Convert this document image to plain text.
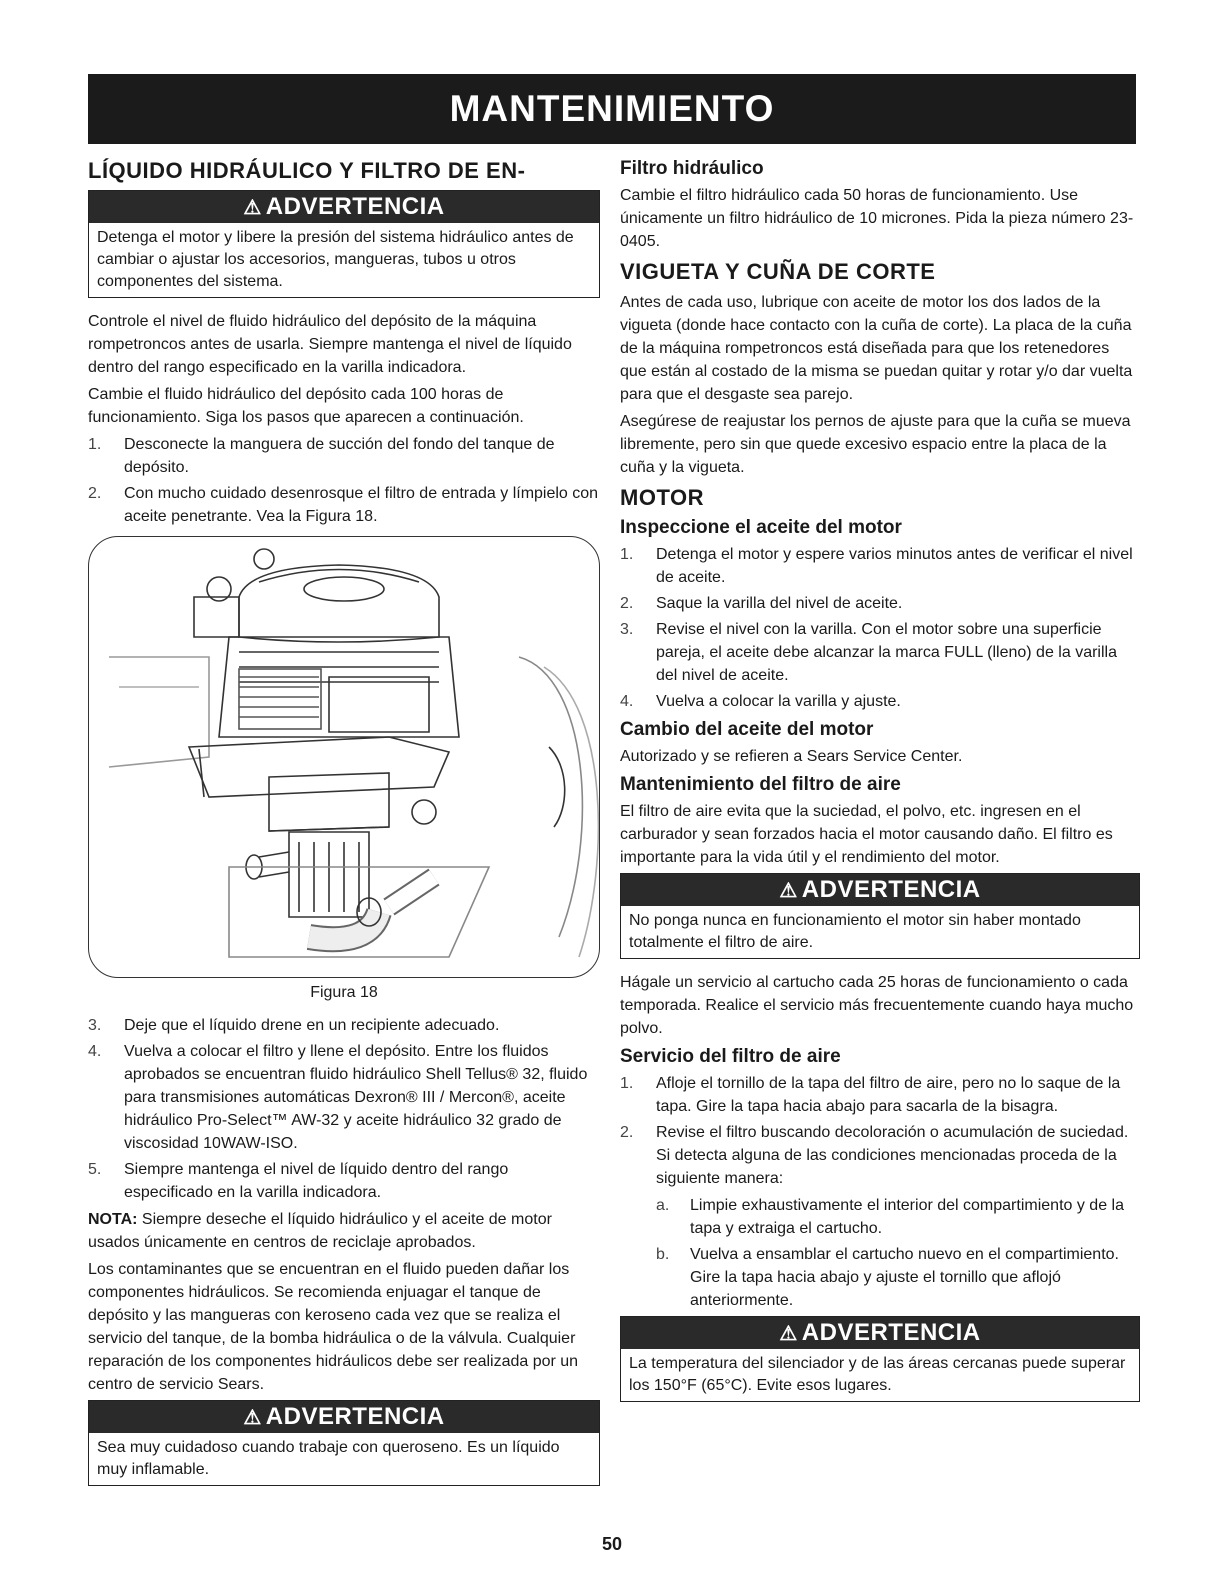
MANTENIMIENTO
LÍQUIDO HIDRÁULICO Y FILTRO DE EN-
⚠ ADVERTENCIA
Detenga el motor y libere la presión del sistema hidráulico antes de cambiar o ajustar los accesorios, mangueras, tubos u otros componentes del sistema.

Controle el nivel de fluido hidráulico del depósito de la máquina rompetroncos antes de usarla. Siempre mantenga el nivel de líquido dentro del rango especificado en la varilla indicadora.

Cambie el fluido hidráulico del depósito cada 100 horas de funcionamiento. Siga los pasos que aparecen a continuación.

1.	Desconecte la manguera de succión del fondo del tanque de depósito.
2.	Con mucho cuidado desenrosque el filtro de entrada y límpielo con aceite penetrante. Vea la Figura 18.
Figura 18
3.	Deje que el líquido drene en un recipiente adecuado.
4.	Vuelva a colocar el filtro y llene el depósito. Entre los fluidos aprobados se encuentran fluido hidráulico Shell Tellus® 32, fluido para transmisiones automáticas Dexron® III / Mercon®, aceite hidráulico Pro-Select™ AW-32 y aceite hidráulico 32 grado de viscosidad 10WAW-ISO.
5.	Siempre mantenga el nivel de líquido dentro del rango especificado en la varilla indicadora.

NOTA: Siempre deseche el líquido hidráulico y el aceite de motor usados únicamente en centros de reciclaje aprobados.

Los contaminantes que se encuentran en el fluido pueden dañar los componentes hidráulicos. Se recomienda enjuagar el tanque de depósito y las mangueras con keroseno cada vez que se realiza el servicio del tanque, de la bomba hidráulica o de la válvula. Cualquier reparación de los componentes hidráulicos debe ser realizada por un centro de servicio Sears.

⚠ ADVERTENCIA
Sea muy cuidadoso cuando trabaje con queroseno. Es un líquido muy inflamable.
Filtro hidráulico

Cambie el filtro hidráulico cada 50 horas de funcionamiento. Use únicamente un filtro hidráulico de 10 micrones. Pida la pieza número 23-0405.

VIGUETA Y CUÑA DE CORTE

Antes de cada uso, lubrique con aceite de motor los dos lados de la vigueta (donde hace contacto con la cuña de corte). La placa de la cuña de la máquina rompetroncos está diseñada para que los retenedores que están al costado de la misma se puedan quitar y rotar y/o dar vuelta para que el desgaste sea parejo.

Asegúrese de reajustar los pernos de ajuste para que la cuña se mueva libremente, pero sin que quede excesivo espacio entre la placa de la cuña y la vigueta.

MOTOR
Inspeccione el aceite del motor
1.	Detenga el motor y espere varios minutos antes de verificar el nivel de aceite.
2.	Saque la varilla del nivel de aceite.
3.	Revise el nivel con la varilla. Con el motor sobre una superficie pareja, el aceite debe alcanzar la marca FULL (lleno) de la varilla del nivel de aceite.
4.	Vuelva a colocar la varilla y ajuste.
Cambio del aceite del motor

Autorizado y se refieren a Sears Service Center.

Mantenimiento del filtro de aire

El filtro de aire evita que la suciedad, el polvo, etc. ingresen en el carburador y sean forzados hacia el motor causando daño. El filtro es importante para la vida útil y el rendimiento del motor.

⚠ ADVERTENCIA
No ponga nunca en funcionamiento el motor sin haber montado totalmente el filtro de aire.

Hágale un servicio al cartucho cada 25 horas de funcionamiento o cada temporada. Realice el servicio más frecuentemente cuando haya mucho polvo.

Servicio del filtro de aire
1.	Afloje el tornillo de la tapa del filtro de aire, pero no lo saque de la tapa. Gire la tapa hacia abajo para sacarla de la bisagra.
2.	Revise el filtro buscando decoloración o acumulación de suciedad. Si detecta alguna de las condiciones mencionadas proceda de la siguiente manera:
a.	Limpie exhaustivamente el interior del compartimiento y de la tapa y extraiga el cartucho.
b.	Vuelva a ensamblar el cartucho nuevo en el compartimiento. Gire la tapa hacia abajo y ajuste el tornillo que aflojó anteriormente.
⚠ ADVERTENCIA
La temperatura del silenciador y de las áreas cercanas puede superar los 150°F (65°C). Evite esos lugares.
50
